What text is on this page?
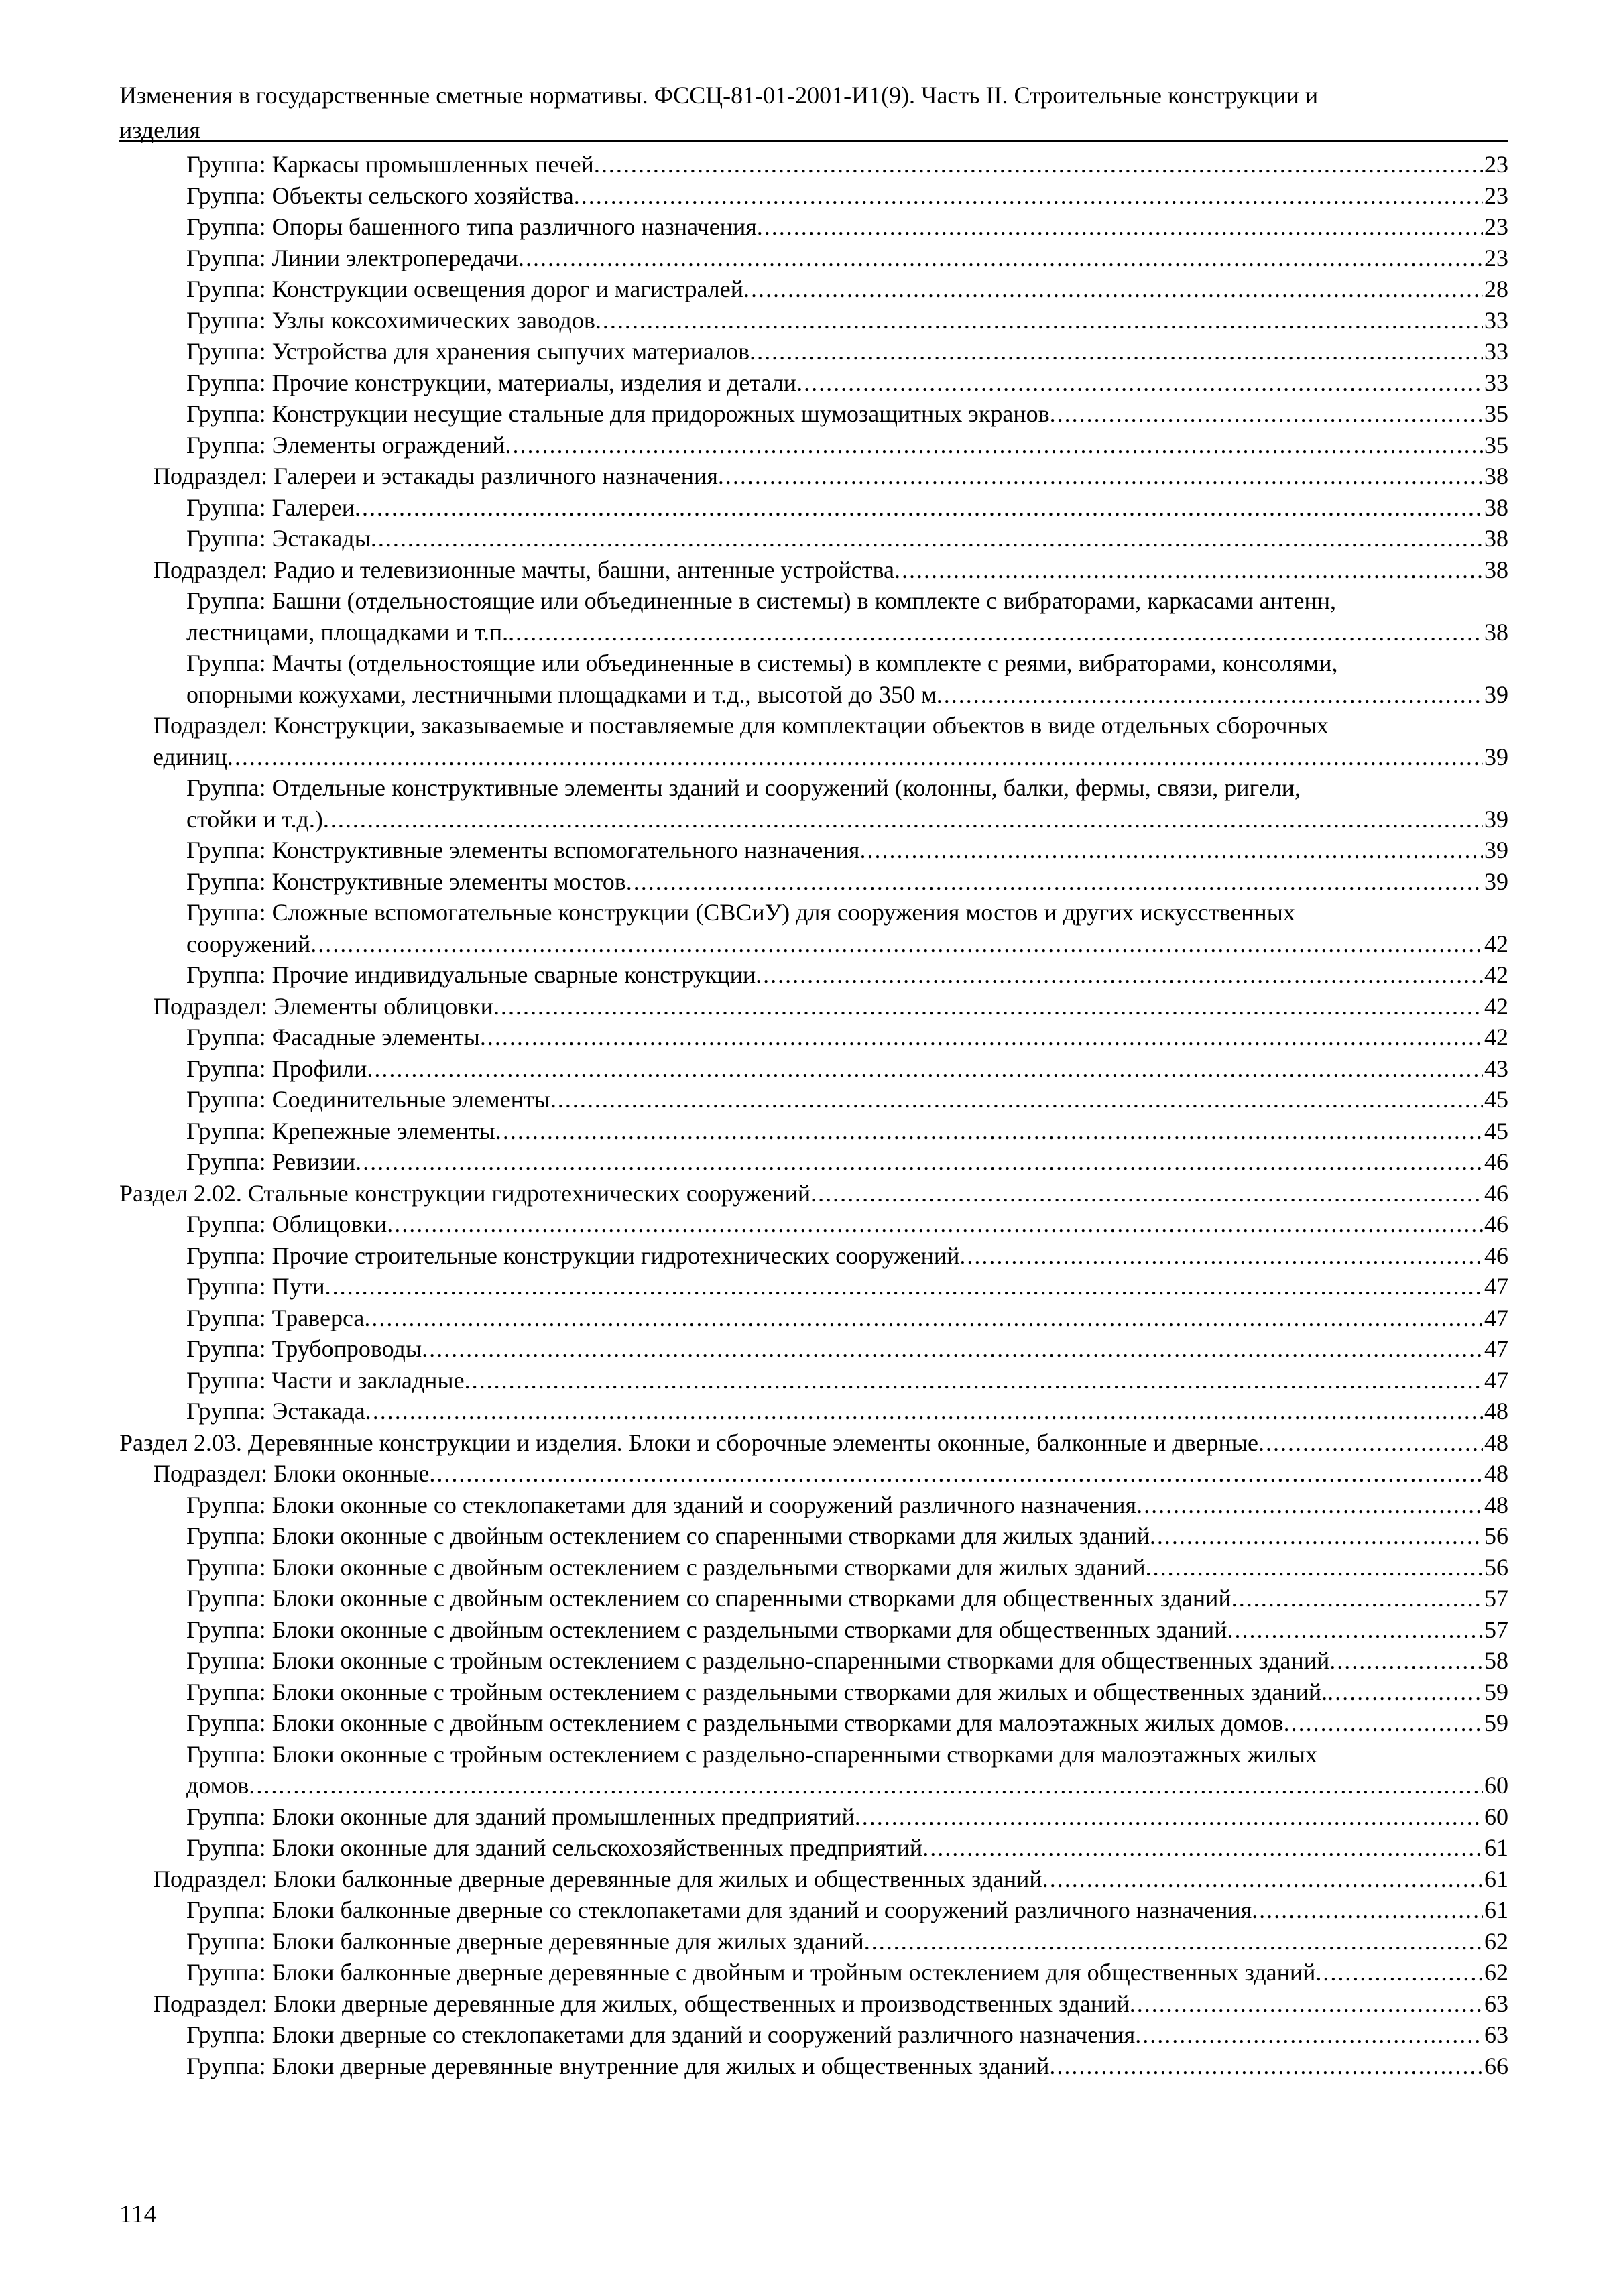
Изменения в государственные сметные нормативы. ФССЦ-81-01-2001-И1(9). Часть II. Строительные конструкции и
изделия
Группа: Каркасы промышленных печей .....	23
Группа: Объекты сельского хозяйства .....	23
Группа: Опоры башенного типа различного назначения .....	23
Группа: Линии электропередачи .....	23
Группа: Конструкции освещения дорог и магистралей .....	28
Группа: Узлы коксохимических заводов .....	33
Группа: Устройства для хранения сыпучих материалов .....	33
Группа: Прочие конструкции, материалы, изделия и детали .....	33
Группа: Конструкции несущие стальные для придорожных шумозащитных экранов .....	35
Группа: Элементы ограждений .....	35
Подраздел: Галереи и эстакады различного назначения .....	38
Группа: Галереи .....	38
Группа: Эстакады .....	38
Подраздел: Радио и телевизионные мачты, башни, антенные устройства .....	38
Группа: Башни (отдельностоящие или объединенные в системы) в комплекте с вибраторами, каркасами антенн,
лестницами, площадками и т.п. .....	38
Группа: Мачты (отдельностоящие или объединенные в системы) в комплекте с реями, вибраторами, консолями,
опорными кожухами, лестничными площадками и т.д., высотой до 350 м .....	39
Подраздел: Конструкции, заказываемые и поставляемые для комплектации объектов в виде отдельных сборочных
единиц .....	39
Группа: Отдельные конструктивные элементы зданий и сооружений (колонны, балки, фермы, связи, ригели,
стойки и т.д.) .....	39
Группа: Конструктивные элементы вспомогательного назначения .....	39
Группа: Конструктивные элементы мостов .....	39
Группа: Сложные вспомогательные конструкции (СВСиУ) для сооружения мостов и других искусственных
сооружений .....	42
Группа: Прочие индивидуальные сварные конструкции .....	42
Подраздел: Элементы облицовки .....	42
Группа: Фасадные элементы .....	42
Группа: Профили .....	43
Группа: Соединительные элементы .....	45
Группа: Крепежные элементы .....	45
Группа: Ревизии .....	46
Раздел 2.02. Стальные конструкции гидротехнических сооружений .....	46
Группа: Облицовки .....	46
Группа: Прочие строительные конструкции гидротехнических сооружений .....	46
Группа: Пути .....	47
Группа: Траверса .....	47
Группа: Трубопроводы .....	47
Группа: Части и закладные .....	47
Группа: Эстакада .....	48
Раздел 2.03. Деревянные конструкции и изделия. Блоки и сборочные элементы оконные, балконные и дверные .....	48
Подраздел: Блоки оконные .....	48
Группа: Блоки оконные со стеклопакетами для зданий и сооружений различного назначения .....	48
Группа: Блоки оконные с двойным остеклением со спаренными створками для жилых зданий .....	56
Группа: Блоки оконные с двойным остеклением с раздельными створками для жилых зданий .....	56
Группа: Блоки оконные с двойным остеклением со спаренными створками для общественных зданий .....	57
Группа: Блоки оконные с двойным остеклением с раздельными створками для общественных зданий .....	57
Группа: Блоки оконные с тройным остеклением с раздельно-спаренными створками для общественных зданий .....	58
Группа: Блоки оконные с тройным остеклением с раздельными створками для жилых и общественных зданий. .....	59
Группа: Блоки оконные с двойным остеклением с раздельными створками для малоэтажных жилых домов .....	59
Группа: Блоки оконные с тройным остеклением с раздельно-спаренными створками для малоэтажных жилых
домов .....	60
Группа: Блоки оконные для зданий промышленных предприятий .....	60
Группа: Блоки оконные для зданий сельскохозяйственных предприятий .....	61
Подраздел: Блоки балконные дверные деревянные для жилых и общественных зданий .....	61
Группа: Блоки балконные дверные со стеклопакетами для зданий и сооружений различного назначения .....	61
Группа: Блоки балконные дверные деревянные для жилых зданий .....	62
Группа: Блоки балконные дверные деревянные с двойным и тройным остеклением для общественных зданий .....	62
Подраздел: Блоки дверные деревянные для жилых, общественных и производственных зданий .....	63
Группа: Блоки дверные со стеклопакетами для зданий и сооружений различного назначения .....	63
Группа: Блоки дверные деревянные внутренние для жилых и общественных зданий .....	66
114
